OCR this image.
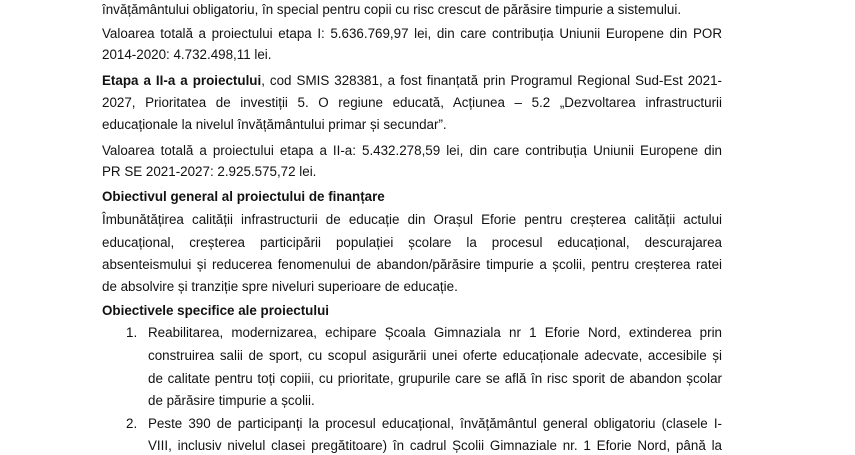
învățământului obligatoriu, în special pentru copii cu risc crescut de părăsire timpurie a sistemului.
Valoarea totală a proiectului etapa I: 5.636.769,97 lei, din care contribuția Uniunii Europene din POR
2014-2020: 4.732.498,11 lei.
Etapa a II-a a proiectului, cod SMIS 328381, a fost finanțată prin Programul Regional Sud-Est 2021-
2027, Prioritatea de investiții 5. O regiune educată, Acțiunea – 5.2 „Dezvoltarea infrastructurii
educaționale la nivelul învățământului primar și secundar”.
Valoarea totală a proiectului etapa a II-a: 5.432.278,59 lei, din care contribuția Uniunii Europene din
PR SE 2021-2027: 2.925.575,72 lei.
Obiectivul general al proiectului de finanțare
Îmbunătățirea calității infrastructurii de educație din Orașul Eforie pentru creșterea calității actului
educațional, creșterea participării populației școlare la procesul educațional, descurajarea
absenteismului și reducerea fenomenului de abandon/părăsire timpurie a școlii, pentru creșterea ratei
de absolvire și tranziție spre niveluri superioare de educație.
Obiectivele specifice ale proiectului
1. Reabilitarea, modernizarea, echipare Școala Gimnaziala nr 1 Eforie Nord, extinderea prin
construirea salii de sport, cu scopul asigurării unei oferte educaționale adecvate, accesibile și
de calitate pentru toți copiii, cu prioritate, grupurile care se află în risc sporit de abandon școlar
de părăsire timpurie a școlii.
2. Peste 390 de participanți la procesul educațional, învățământul general obligatoriu (clasele I-
VIII, inclusiv nivelul clasei pregătitoare) în cadrul Școlii Gimnaziale nr. 1 Eforie Nord, până la
